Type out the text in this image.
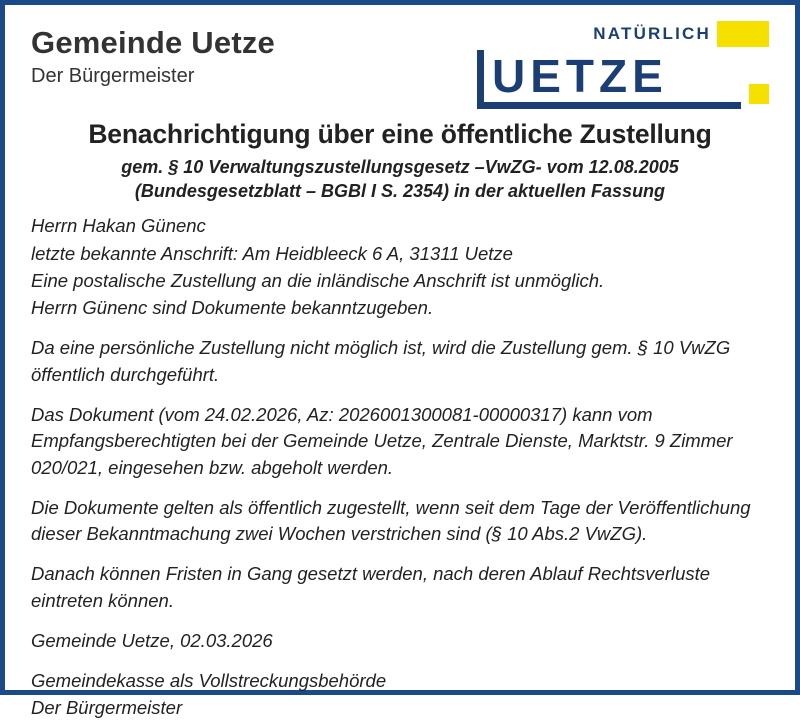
Gemeinde Uetze
Der Bürgermeister
NATÜRLICH
UETZE
Benachrichtigung über eine öffentliche Zustellung
gem. § 10 Verwaltungszustellungsgesetz –VwZG- vom 12.08.2005
(Bundesgesetzblatt – BGBl I S. 2354) in der aktuellen Fassung

Herrn Hakan Günenc

letzte bekannte Anschrift: Am Heidbleeck 6 A, 31311 Uetze

Eine postalische Zustellung an die inländische Anschrift ist unmöglich.

Herrn Günenc sind Dokumente bekanntzugeben.

Da eine persönliche Zustellung nicht möglich ist, wird die Zustellung gem. § 10 VwZG öffentlich durchgeführt.

Das Dokument (vom 24.02.2026, Az: 2026001300081-00000317) kann vom Empfangsberechtigten bei der Gemeinde Uetze, Zentrale Dienste, Marktstr. 9 Zimmer 020/021, eingesehen bzw. abgeholt werden.

Die Dokumente gelten als öffentlich zugestellt, wenn seit dem Tage der Veröffentlichung dieser Bekanntmachung zwei Wochen verstrichen sind (§ 10 Abs.2 VwZG).

Danach können Fristen in Gang gesetzt werden, nach deren Ablauf Rechtsverluste eintreten können.

Gemeinde Uetze, 02.03.2026

Gemeindekasse als Vollstreckungsbehörde

Der Bürgermeister
